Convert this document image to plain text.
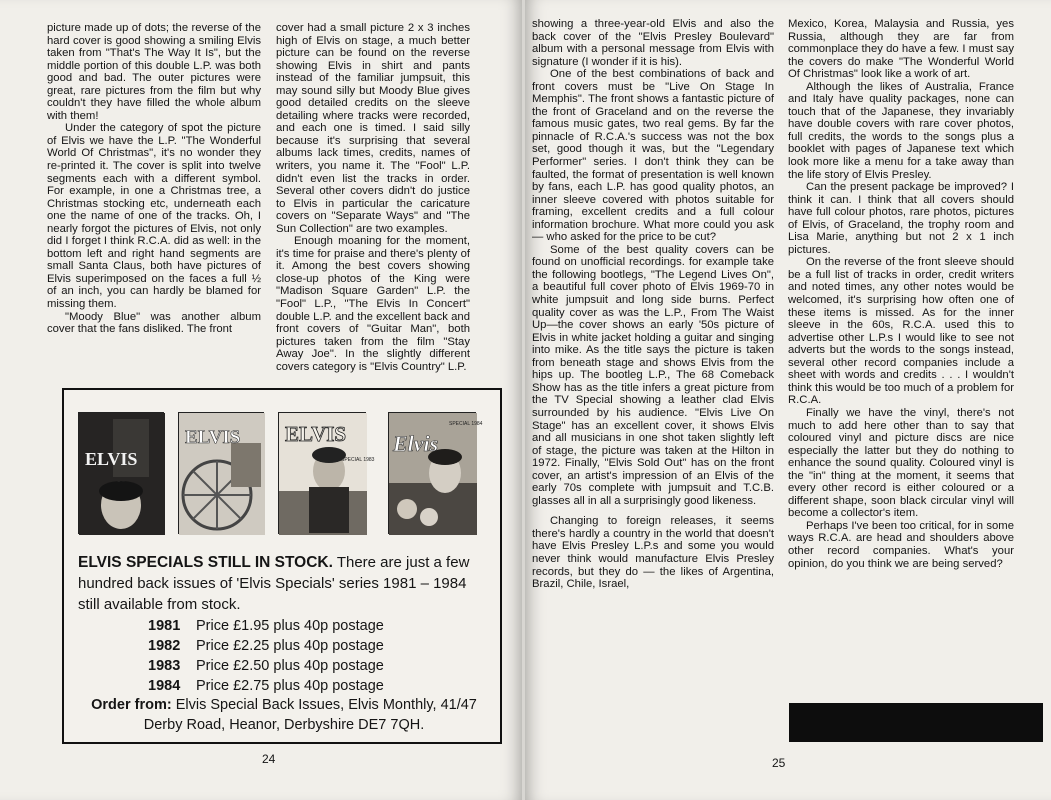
picture made up of dots; the reverse of the hard cover is good showing a smiling Elvis taken from "That's The Way It Is", but the middle portion of this double L.P. was both good and bad. The outer pictures were great, rare pictures from the film but why couldn't they have filled the whole album with them!

Under the category of spot the picture of Elvis we have the L.P. "The Wonderful World Of Christmas", it's no wonder they re-printed it. The cover is split into twelve segments each with a different symbol. For example, in one a Christmas tree, a Christmas stocking etc, underneath each one the name of one of the tracks. Oh, I nearly forgot the pictures of Elvis, not only did I forget I think R.C.A. did as well: in the bottom left and right hand segments are small Santa Claus, both have pictures of Elvis superimposed on the faces a full ½ of an inch, you can hardly be blamed for missing them.

"Moody Blue" was another album cover that the fans disliked. The front

cover had a small picture 2 x 3 inches high of Elvis on stage, a much better picture can be found on the reverse showing Elvis in shirt and pants instead of the familiar jumpsuit, this may sound silly but Moody Blue gives good detailed credits on the sleeve detailing where tracks were recorded, and each one is timed. I said silly because it's surprising that several albums lack times, credits, names of writers, you name it. The "Fool" L.P. didn't even list the tracks in order. Several other covers didn't do justice to Elvis in particular the caricature covers on "Separate Ways" and "The Sun Collection" are two examples.

Enough moaning for the moment, it's time for praise and there's plenty of it. Among the best covers showing close-up photos of the King were "Madison Square Garden" L.P. the "Fool" L.P., "The Elvis In Concert" double L.P. and the excellent back and front covers of "Guitar Man", both pictures taken from the film "Stay Away Joe". In the slightly different covers category is "Elvis Country" L.P.

ELVIS
ELVIS ELVIS
SPECIAL 1983
Elvis
SPECIAL 1984
ELVIS SPECIALS STILL IN STOCK. There are just a few hundred back issues of 'Elvis Specials' series 1981 – 1984 still available from stock.
1981 Price £1.95 plus 40p postage
1982 Price £2.25 plus 40p postage
1983 Price £2.50 plus 40p postage
1984 Price £2.75 plus 40p postage
Order from: Elvis Special Back Issues, Elvis Monthly, 41/47 Derby Road, Heanor, Derbyshire DE7 7QH.
24

showing a three-year-old Elvis and also the back cover of the "Elvis Presley Boulevard" album with a personal message from Elvis with signature (I wonder if it is his).

One of the best combinations of back and front covers must be "Live On Stage In Memphis". The front shows a fantastic picture of the front of Graceland and on the reverse the famous music gates, two real gems. By far the pinnacle of R.C.A.'s success was not the box set, good though it was, but the "Legendary Performer" series. I don't think they can be faulted, the format of presentation is well known by fans, each L.P. has good quality photos, an inner sleeve covered with photos suitable for framing, excellent credits and a full colour information brochure. What more could you ask — who asked for the price to be cut?

Some of the best quality covers can be found on unofficial recordings. for example take the following bootlegs, "The Legend Lives On", a beautiful full cover photo of Elvis 1969-70 in white jumpsuit and long side burns. Perfect quality cover as was the L.P., From The Waist Up—the cover shows an early '50s picture of Elvis in white jacket holding a guitar and singing into mike. As the title says the picture is taken from beneath stage and shows Elvis from the hips up. The bootleg L.P., The 68 Comeback Show has as the title infers a great picture from the TV Special showing a leather clad Elvis surrounded by his audience. "Elvis Live On Stage" has an excellent cover, it shows Elvis and all musicians in one shot taken slightly left of stage, the picture was taken at the Hilton in 1972. Finally, "Elvis Sold Out" has on the front cover, an artist's impression of an Elvis of the early 70s complete with jumpsuit and T.C.B. glasses all in all a surprisingly good likeness.

Changing to foreign releases, it seems there's hardly a country in the world that doesn't have Elvis Presley L.P.s and some you would never think would manufacture Elvis Presley records, but they do — the likes of Argentina, Brazil, Chile, Israel,

Mexico, Korea, Malaysia and Russia, yes Russia, although they are far from commonplace they do have a few. I must say the covers do make "The Wonderful World Of Christmas" look like a work of art.

Although the likes of Australia, France and Italy have quality packages, none can touch that of the Japanese, they invariably have double covers with rare cover photos, full credits, the words to the songs plus a booklet with pages of Japanese text which look more like a menu for a take away than the life story of Elvis Presley.

Can the present package be improved? I think it can. I think that all covers should have full colour photos, rare photos, pictures of Elvis, of Graceland, the trophy room and Lisa Marie, anything but not 2 x 1 inch pictures.

On the reverse of the front sleeve should be a full list of tracks in order, credit writers and noted times, any other notes would be welcomed, it's surprising how often one of these items is missed. As for the inner sleeve in the 60s, R.C.A. used this to advertise other L.P.s I would like to see not adverts but the words to the songs instead, several other record companies include a sheet with words and credits . . . I wouldn't think this would be too much of a problem for R.C.A.

Finally we have the vinyl, there's not much to add here other than to say that coloured vinyl and picture discs are nice especially the latter but they do nothing to enhance the sound quality. Coloured vinyl is the "in" thing at the moment, it seems that every other record is either coloured or a different shape, soon black circular vinyl will become a collector's item.

Perhaps I've been too critical, for in some ways R.C.A. are head and shoulders above other record companies. What's your opinion, do you think we are being served?

25
